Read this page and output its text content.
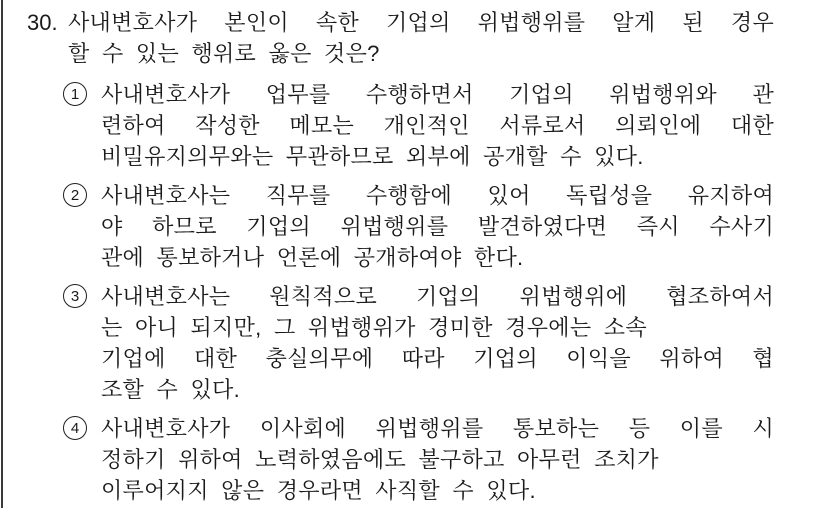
30. 사내변호사가 본인이 속한 기업의 위법행위를 알게 된 경우
할 수 있는 행위로 옳은 것은?
1 사내변호사가 업무를 수행하면서 기업의 위법행위와 관
련하여 작성한 메모는 개인적인 서류로서 의뢰인에 대한
비밀유지의무와는 무관하므로 외부에 공개할 수 있다.
2 사내변호사는 직무를 수행함에 있어 독립성을 유지하여
야 하므로 기업의 위법행위를 발견하였다면 즉시 수사기
관에 통보하거나 언론에 공개하여야 한다.
3 사내변호사는 원칙적으로 기업의 위법행위에 협조하여서
는 아니 되지만, 그 위법행위가 경미한 경우에는 소속
기업에 대한 충실의무에 따라 기업의 이익을 위하여 협
조할 수 있다.
4 사내변호사가 이사회에 위법행위를 통보하는 등 이를 시
정하기 위하여 노력하였음에도 불구하고 아무런 조치가
이루어지지 않은 경우라면 사직할 수 있다.
